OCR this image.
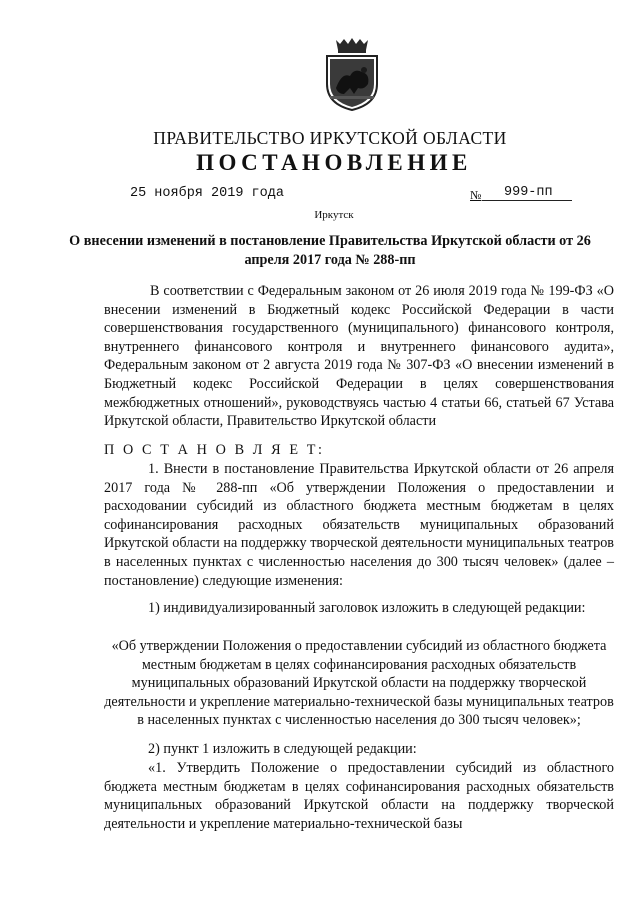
ПРАВИТЕЛЬСТВО ИРКУТСКОЙ ОБЛАСТИ
ПОСТАНОВЛЕНИЕ
25 ноября 2019 года	№	999-пп
Иркутск
О внесении изменений в постановление Правительства Иркутской области от 26 апреля 2017 года № 288-пп
В соответствии с Федеральным законом от 26 июля 2019 года № 199-ФЗ «О внесении изменений в Бюджетный кодекс Российской Федерации в части совершенствования государственного (муниципального) финансового контроля, внутреннего финансового контроля и внутреннего финансового аудита», Федеральным законом от 2 августа 2019 года № 307-ФЗ «О внесении изменений в Бюджетный кодекс Российской Федерации в целях совершенствования межбюджетных отношений», руководствуясь частью 4 статьи 66, статьей 67 Устава Иркутской области, Правительство Иркутской области
П О С Т А Н О В Л Я Е Т:
1. Внести в постановление Правительства Иркутской области от 26 апреля 2017 года № 288-пп «Об утверждении Положения о предоставлении и расходовании субсидий из областного бюджета местным бюджетам в целях софинансирования расходных обязательств муниципальных образований Иркутской области на поддержку творческой деятельности муниципальных театров в населенных пунктах с численностью населения до 300 тысяч человек» (далее – постановление) следующие изменения:
1) индивидуализированный заголовок изложить в следующей редакции:
«Об утверждении Положения о предоставлении субсидий из областного бюджета местным бюджетам в целях софинансирования расходных обязательств муниципальных образований Иркутской области на поддержку творческой деятельности и укрепление материально-технической базы муниципальных театров в населенных пунктах с численностью населения до 300 тысяч человек»;
2) пункт 1 изложить в следующей редакции:
«1. Утвердить Положение о предоставлении субсидий из областного бюджета местным бюджетам в целях софинансирования расходных обязательств муниципальных образований Иркутской области на поддержку творческой деятельности и укрепление материально-технической базы
